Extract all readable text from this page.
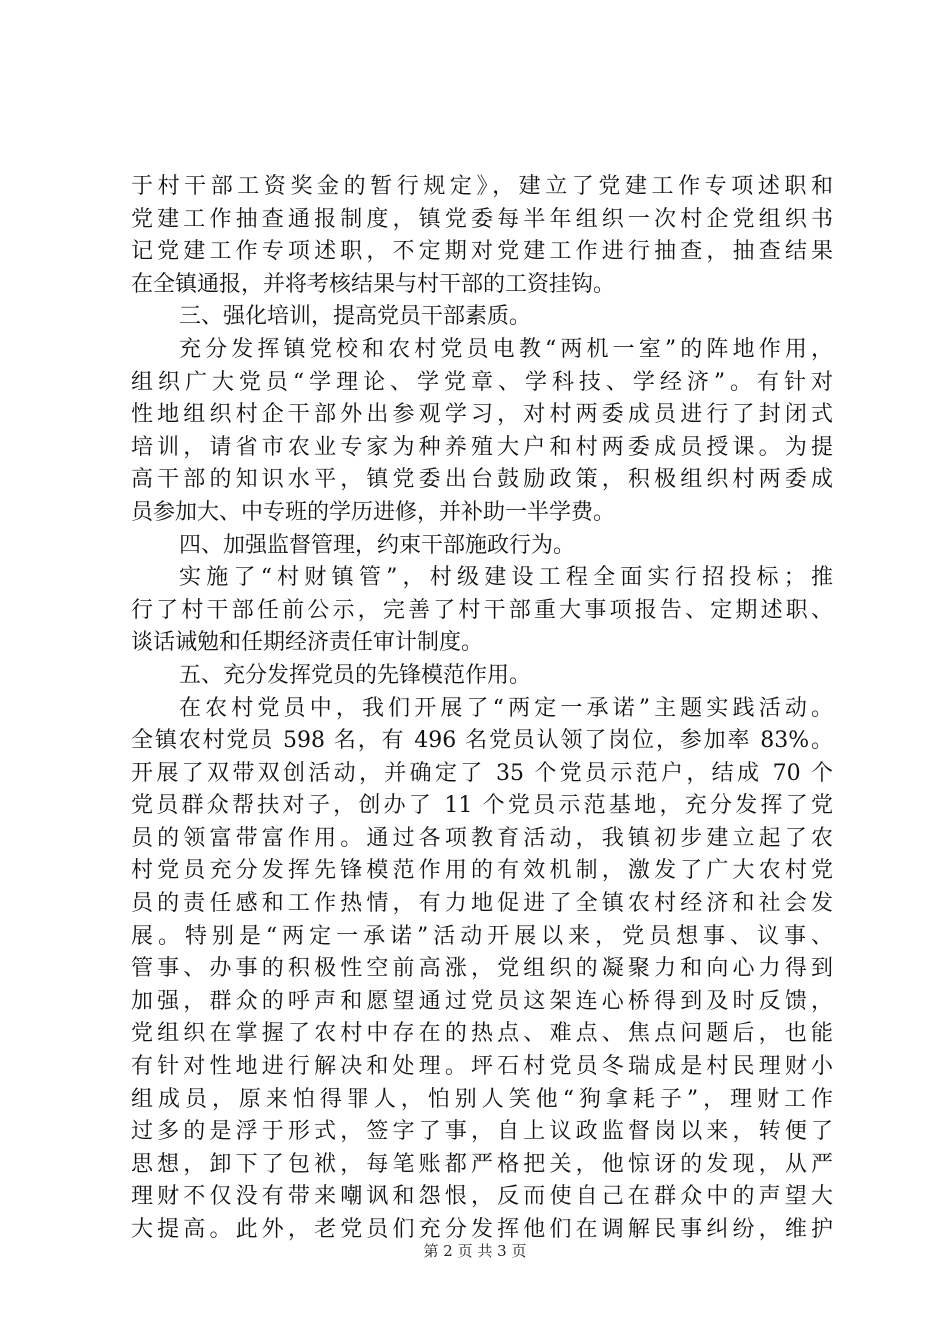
于村干部工资奖金的暂行规定》，建立了党建工作专项述职和
党建工作抽查通报制度，镇党委每半年组织一次村企党组织书
记党建工作专项述职，不定期对党建工作进行抽查，抽查结果
在全镇通报，并将考核结果与村干部的工资挂钩。
三、强化培训，提高党员干部素质。
充分发挥镇党校和农村党员电教“两机一室”的阵地作用，
组织广大党员“学理论、学党章、学科技、学经济”。有针对
性地组织村企干部外出参观学习，对村两委成员进行了封闭式
培训，请省市农业专家为种养殖大户和村两委成员授课。为提
高干部的知识水平，镇党委出台鼓励政策，积极组织村两委成
员参加大、中专班的学历进修，并补助一半学费。
四、加强监督管理，约束干部施政行为。
实施了“村财镇管”，村级建设工程全面实行招投标；推
行了村干部任前公示，完善了村干部重大事项报告、定期述职、
谈话诫勉和任期经济责任审计制度。
五、充分发挥党员的先锋模范作用。
在农村党员中，我们开展了“两定一承诺”主题实践活动。
全镇农村党员 598 名，有 496 名党员认领了岗位，参加率 83%。
开展了双带双创活动，并确定了 35 个党员示范户，结成 70 个
党员群众帮扶对子，创办了 11 个党员示范基地，充分发挥了党
员的领富带富作用。通过各项教育活动，我镇初步建立起了农
村党员充分发挥先锋模范作用的有效机制，激发了广大农村党
员的责任感和工作热情，有力地促进了全镇农村经济和社会发
展。特别是“两定一承诺”活动开展以来，党员想事、议事、
管事、办事的积极性空前高涨，党组织的凝聚力和向心力得到
加强，群众的呼声和愿望通过党员这架连心桥得到及时反馈，
党组织在掌握了农村中存在的热点、难点、焦点问题后，也能
有针对性地进行解决和处理。坪石村党员冬瑞成是村民理财小
组成员，原来怕得罪人，怕别人笑他“狗拿耗子”，理财工作
过多的是浮于形式，签字了事，自上议政监督岗以来，转便了
思想，卸下了包袱，每笔账都严格把关，他惊讶的发现，从严
理财不仅没有带来嘲讽和怨恨，反而使自己在群众中的声望大
大提高。此外，老党员们充分发挥他们在调解民事纠纷，维护
第 2 页 共 3 页
